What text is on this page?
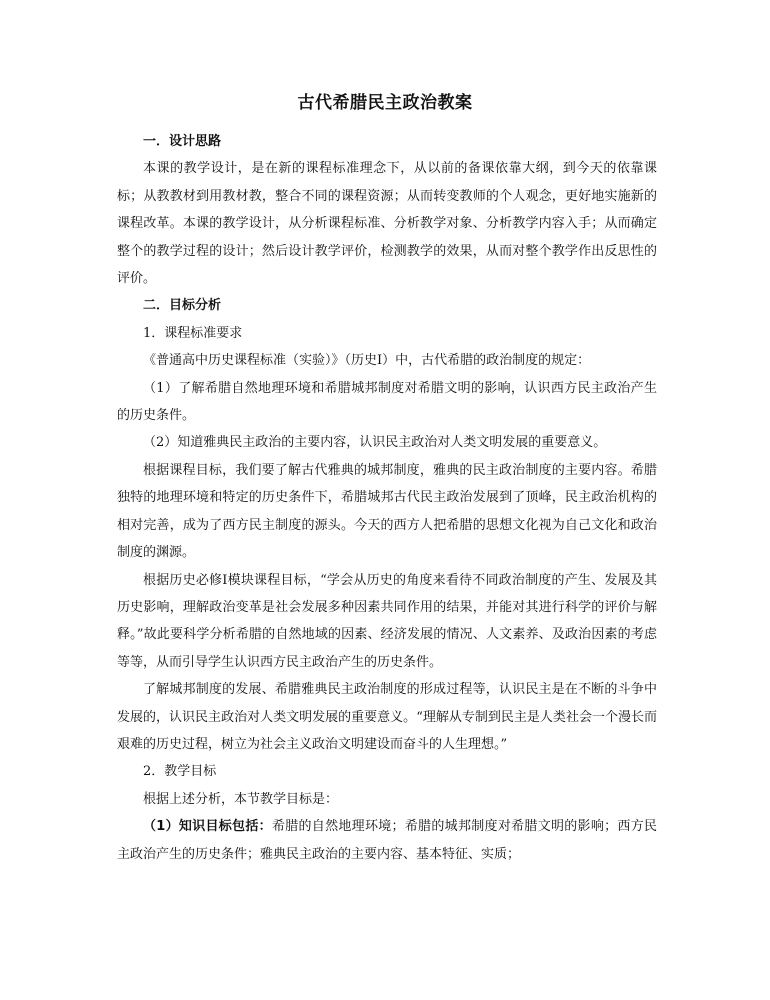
古代希腊民主政治教案

一．设计思路

本课的教学设计，是在新的课程标准理念下，从以前的备课依靠大纲，到今天的依靠课标；从教教材到用教材教，整合不同的课程资源；从而转变教师的个人观念，更好地实施新的课程改革。本课的教学设计，从分析课程标准、分析教学对象、分析教学内容入手；从而确定整个的教学过程的设计；然后设计教学评价，检测教学的效果，从而对整个教学作出反思性的评价。

二．目标分析

1．课程标准要求

《普通高中历史课程标准（实验）》（历史Ⅰ）中，古代希腊的政治制度的规定：

（1）了解希腊自然地理环境和希腊城邦制度对希腊文明的影响，认识西方民主政治产生的历史条件。

（2）知道雅典民主政治的主要内容，认识民主政治对人类文明发展的重要意义。

根据课程目标，我们要了解古代雅典的城邦制度，雅典的民主政治制度的主要内容。希腊独特的地理环境和特定的历史条件下，希腊城邦古代民主政治发展到了顶峰，民主政治机构的相对完善，成为了西方民主制度的源头。今天的西方人把希腊的思想文化视为自己文化和政治制度的渊源。

根据历史必修Ⅰ模块课程目标，“学会从历史的角度来看待不同政治制度的产生、发展及其历史影响，理解政治变革是社会发展多种因素共同作用的结果，并能对其进行科学的评价与解释。”故此要科学分析希腊的自然地域的因素、经济发展的情况、人文素养、及政治因素的考虑等等，从而引导学生认识西方民主政治产生的历史条件。

了解城邦制度的发展、希腊雅典民主政治制度的形成过程等，认识民主是在不断的斗争中发展的，认识民主政治对人类文明发展的重要意义。“理解从专制到民主是人类社会一个漫长而艰难的历史过程，树立为社会主义政治文明建设而奋斗的人生理想。”

2．教学目标

根据上述分析，本节教学目标是：

（1）知识目标包括：希腊的自然地理环境；希腊的城邦制度对希腊文明的影响；西方民主政治产生的历史条件；雅典民主政治的主要内容、基本特征、实质；
